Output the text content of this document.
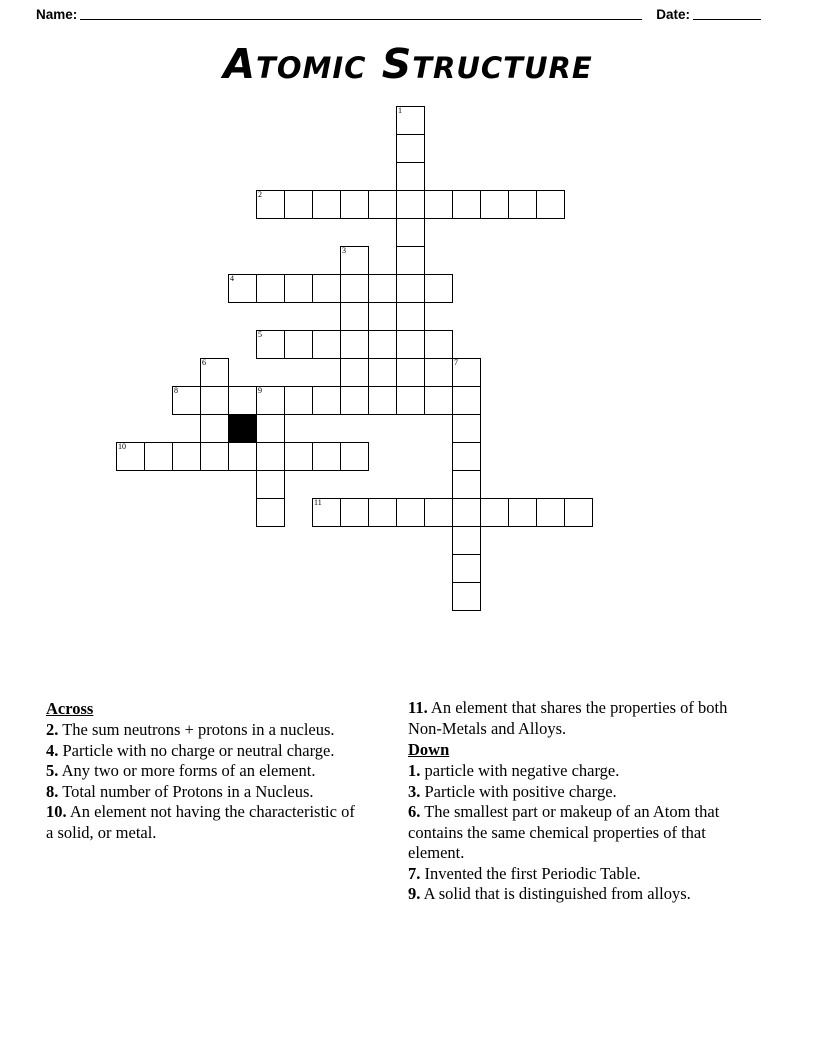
Name:	Date:
Atomic Structure
1
2
3
4
5
6	7
8	9
10
11
Across

2. The sum neutrons + protons in a nucleus.

4. Particle with no charge or neutral charge.

5. Any two or more forms of an element.

8. Total number of Protons in a Nucleus.

10. An element not having the characteristic of a solid, or metal.

11. An element that shares the properties of both Non-Metals and Alloys.

Down

1. particle with negative charge.

3. Particle with positive charge.

6. The smallest part or makeup of an Atom that contains the same chemical properties of that element.

7. Invented the first Periodic Table.

9. A solid that is distinguished from alloys.
